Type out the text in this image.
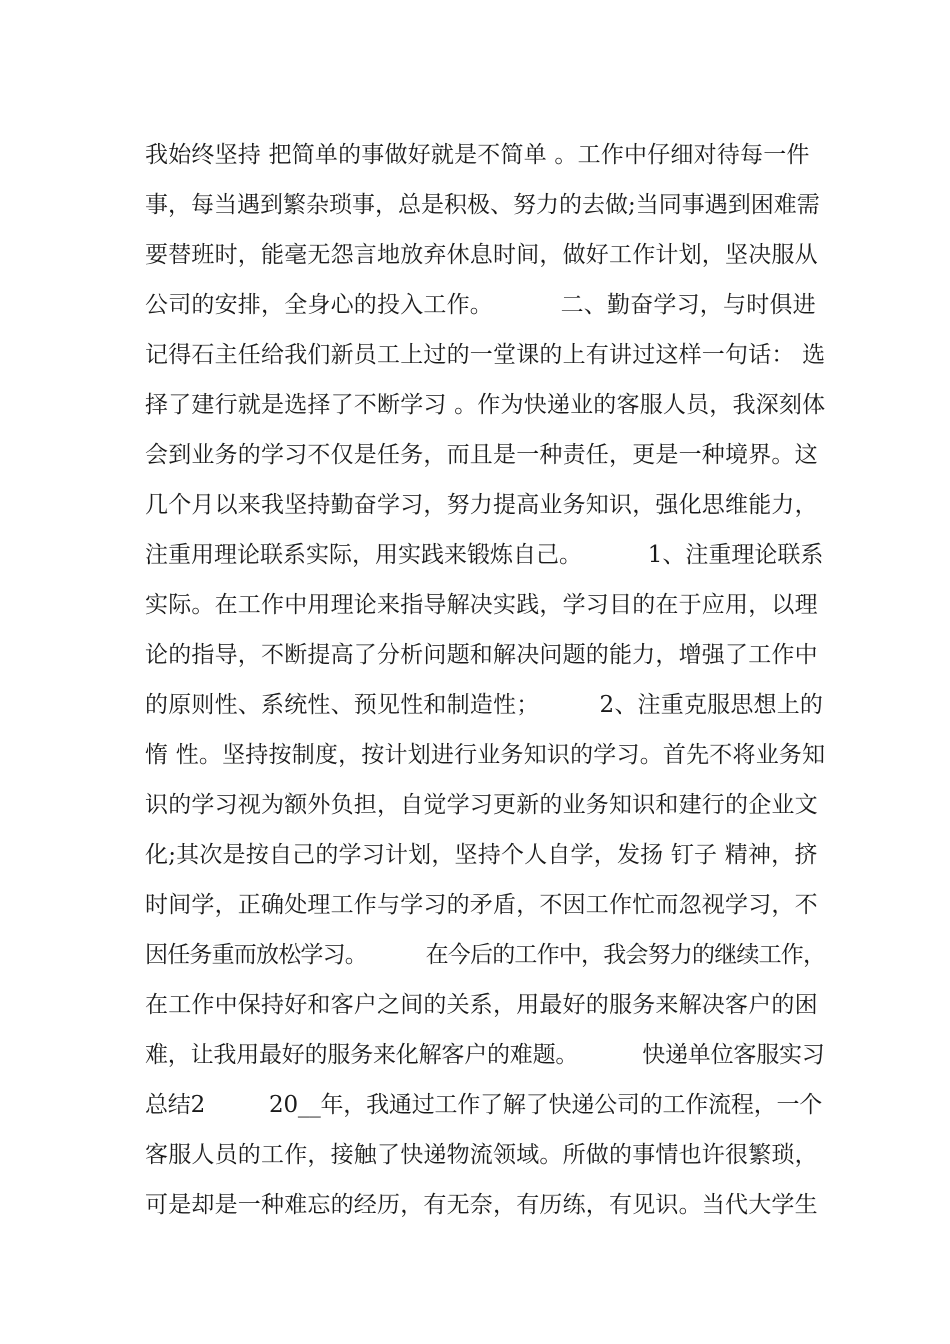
我始终坚持 把简单的事做好就是不简单 。工作中仔细对待每一件
事，每当遇到繁杂琐事，总是积极、努力的去做;当同事遇到困难需
要替班时，能毫无怨言地放弃休息时间，做好工作计划，坚决服从
公司的安排，全身心的投入工作。         二、勤奋学习，与时俱进
记得石主任给我们新员工上过的一堂课的上有讲过这样一句话： 选
择了建行就是选择了不断学习 。作为快递业的客服人员，我深刻体
会到业务的学习不仅是任务，而且是一种责任，更是一种境界。这
几个月以来我坚持勤奋学习，努力提高业务知识，强化思维能力，
注重用理论联系实际，用实践来锻炼自己。         1、注重理论联系
实际。在工作中用理论来指导解决实践，学习目的在于应用，以理
论的指导，不断提高了分析问题和解决问题的能力，增强了工作中
的原则性、系统性、预见性和制造性；        2、注重克服思想上的
惰 性。坚持按制度，按计划进行业务知识的学习。首先不将业务知
识的学习视为额外负担，自觉学习更新的业务知识和建行的企业文
化;其次是按自己的学习计划，坚持个人自学，发扬 钉子 精神，挤
时间学，正确处理工作与学习的矛盾，不因工作忙而忽视学习，不
因任务重而放松学习。         在今后的工作中，我会努力的继续工作，
在工作中保持好和客户之间的关系，用最好的服务来解决客户的困
难，让我用最好的服务来化解客户的难题。         快递单位客服实习
总结2         20__年，我通过工作了解了快递公司的工作流程，一个
客服人员的工作，接触了快递物流领域。所做的事情也许很繁琐，
可是却是一种难忘的经历，有无奈，有历练，有见识。当代大学生
